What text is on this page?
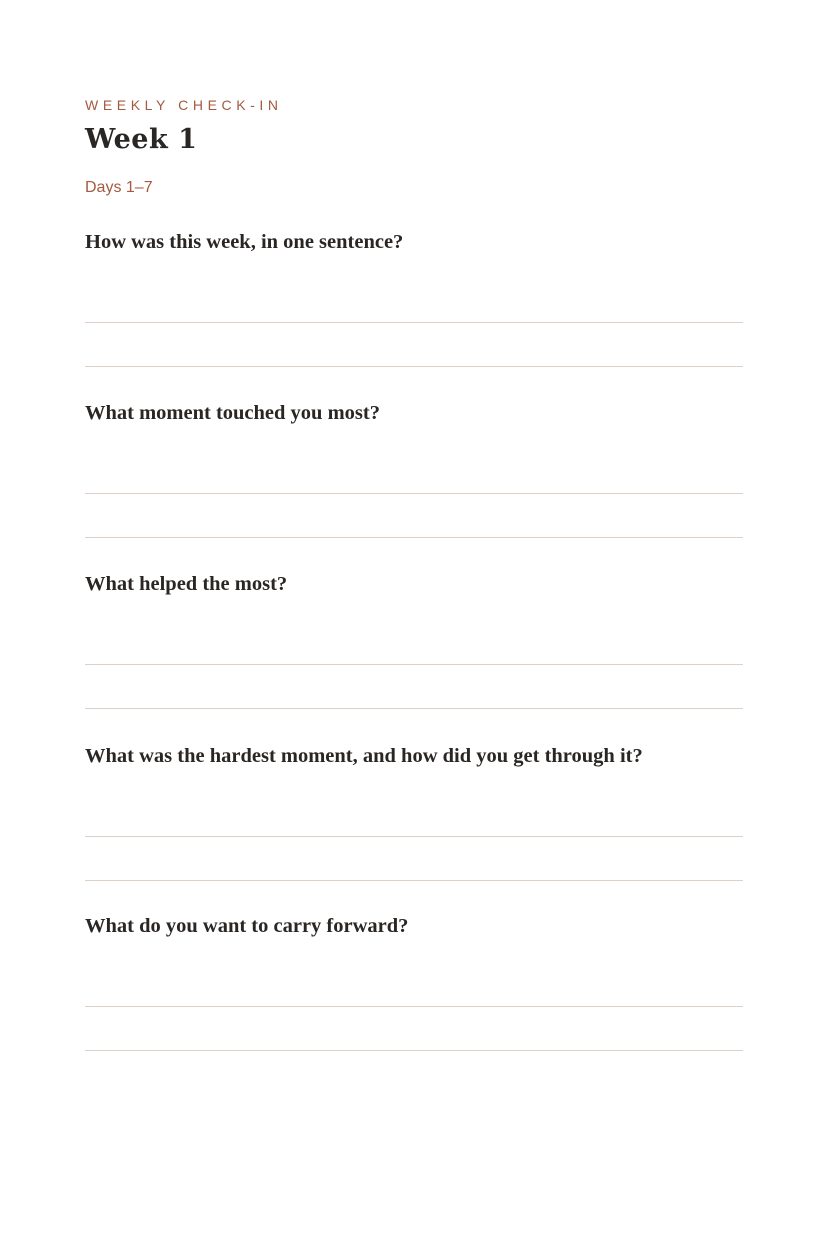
WEEKLY CHECK-IN
Week 1
Days 1–7
How was this week, in one sentence?
What moment touched you most?
What helped the most?
What was the hardest moment, and how did you get through it?
What do you want to carry forward?
